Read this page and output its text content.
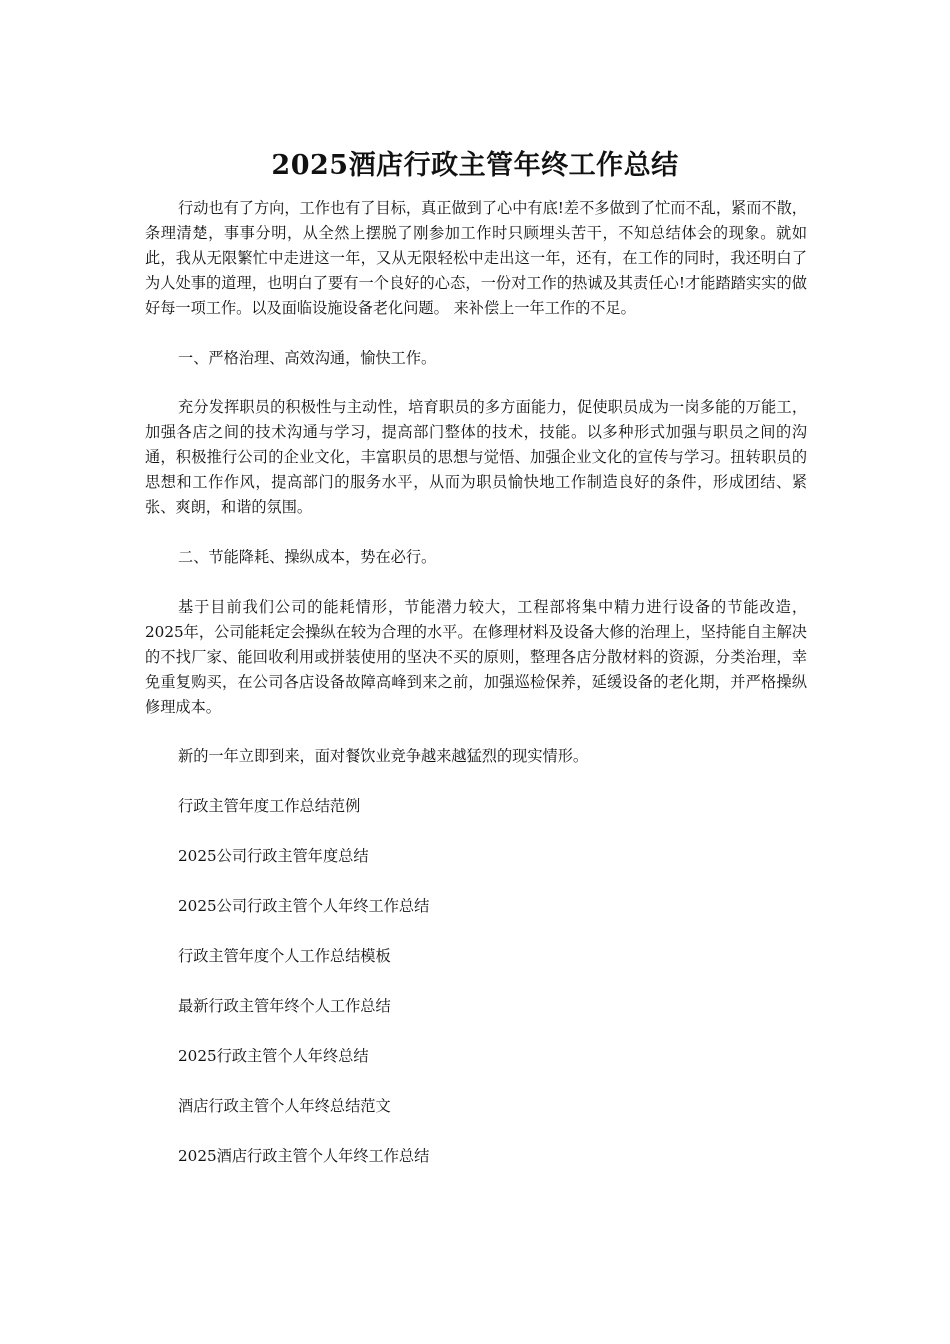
2025酒店行政主管年终工作总结

行动也有了方向，工作也有了目标，真正做到了心中有底!差不多做到了忙而不乱，紧而不散，条理清楚，事事分明，从全然上摆脱了刚参加工作时只顾埋头苦干，不知总结体会的现象。就如此，我从无限繁忙中走进这一年，又从无限轻松中走出这一年，还有，在工作的同时，我还明白了为人处事的道理，也明白了要有一个良好的心态，一份对工作的热诚及其责任心!才能踏踏实实的做好每一项工作。以及面临设施设备老化问题。 来补偿上一年工作的不足。

一、严格治理、高效沟通，愉快工作。

充分发挥职员的积极性与主动性，培育职员的多方面能力，促使职员成为一岗多能的万能工，加强各店之间的技术沟通与学习，提高部门整体的技术，技能。以多种形式加强与职员之间的沟通，积极推行公司的企业文化，丰富职员的思想与觉悟、加强企业文化的宣传与学习。扭转职员的思想和工作作风，提高部门的服务水平，从而为职员愉快地工作制造良好的条件，形成团结、紧张、爽朗，和谐的氛围。

二、节能降耗、操纵成本，势在必行。

基于目前我们公司的能耗情形，节能潜力较大，工程部将集中精力进行设备的节能改造，2025年，公司能耗定会操纵在较为合理的水平。在修理材料及设备大修的治理上，坚持能自主解决的不找厂家、能回收利用或拼装使用的坚决不买的原则，整理各店分散材料的资源，分类治理，幸免重复购买，在公司各店设备故障高峰到来之前，加强巡检保养，延缓设备的老化期，并严格操纵修理成本。

新的一年立即到来，面对餐饮业竞争越来越猛烈的现实情形。

行政主管年度工作总结范例

2025公司行政主管年度总结

2025公司行政主管个人年终工作总结

行政主管年度个人工作总结模板

最新行政主管年终个人工作总结

2025行政主管个人年终总结

酒店行政主管个人年终总结范文

2025酒店行政主管个人年终工作总结
